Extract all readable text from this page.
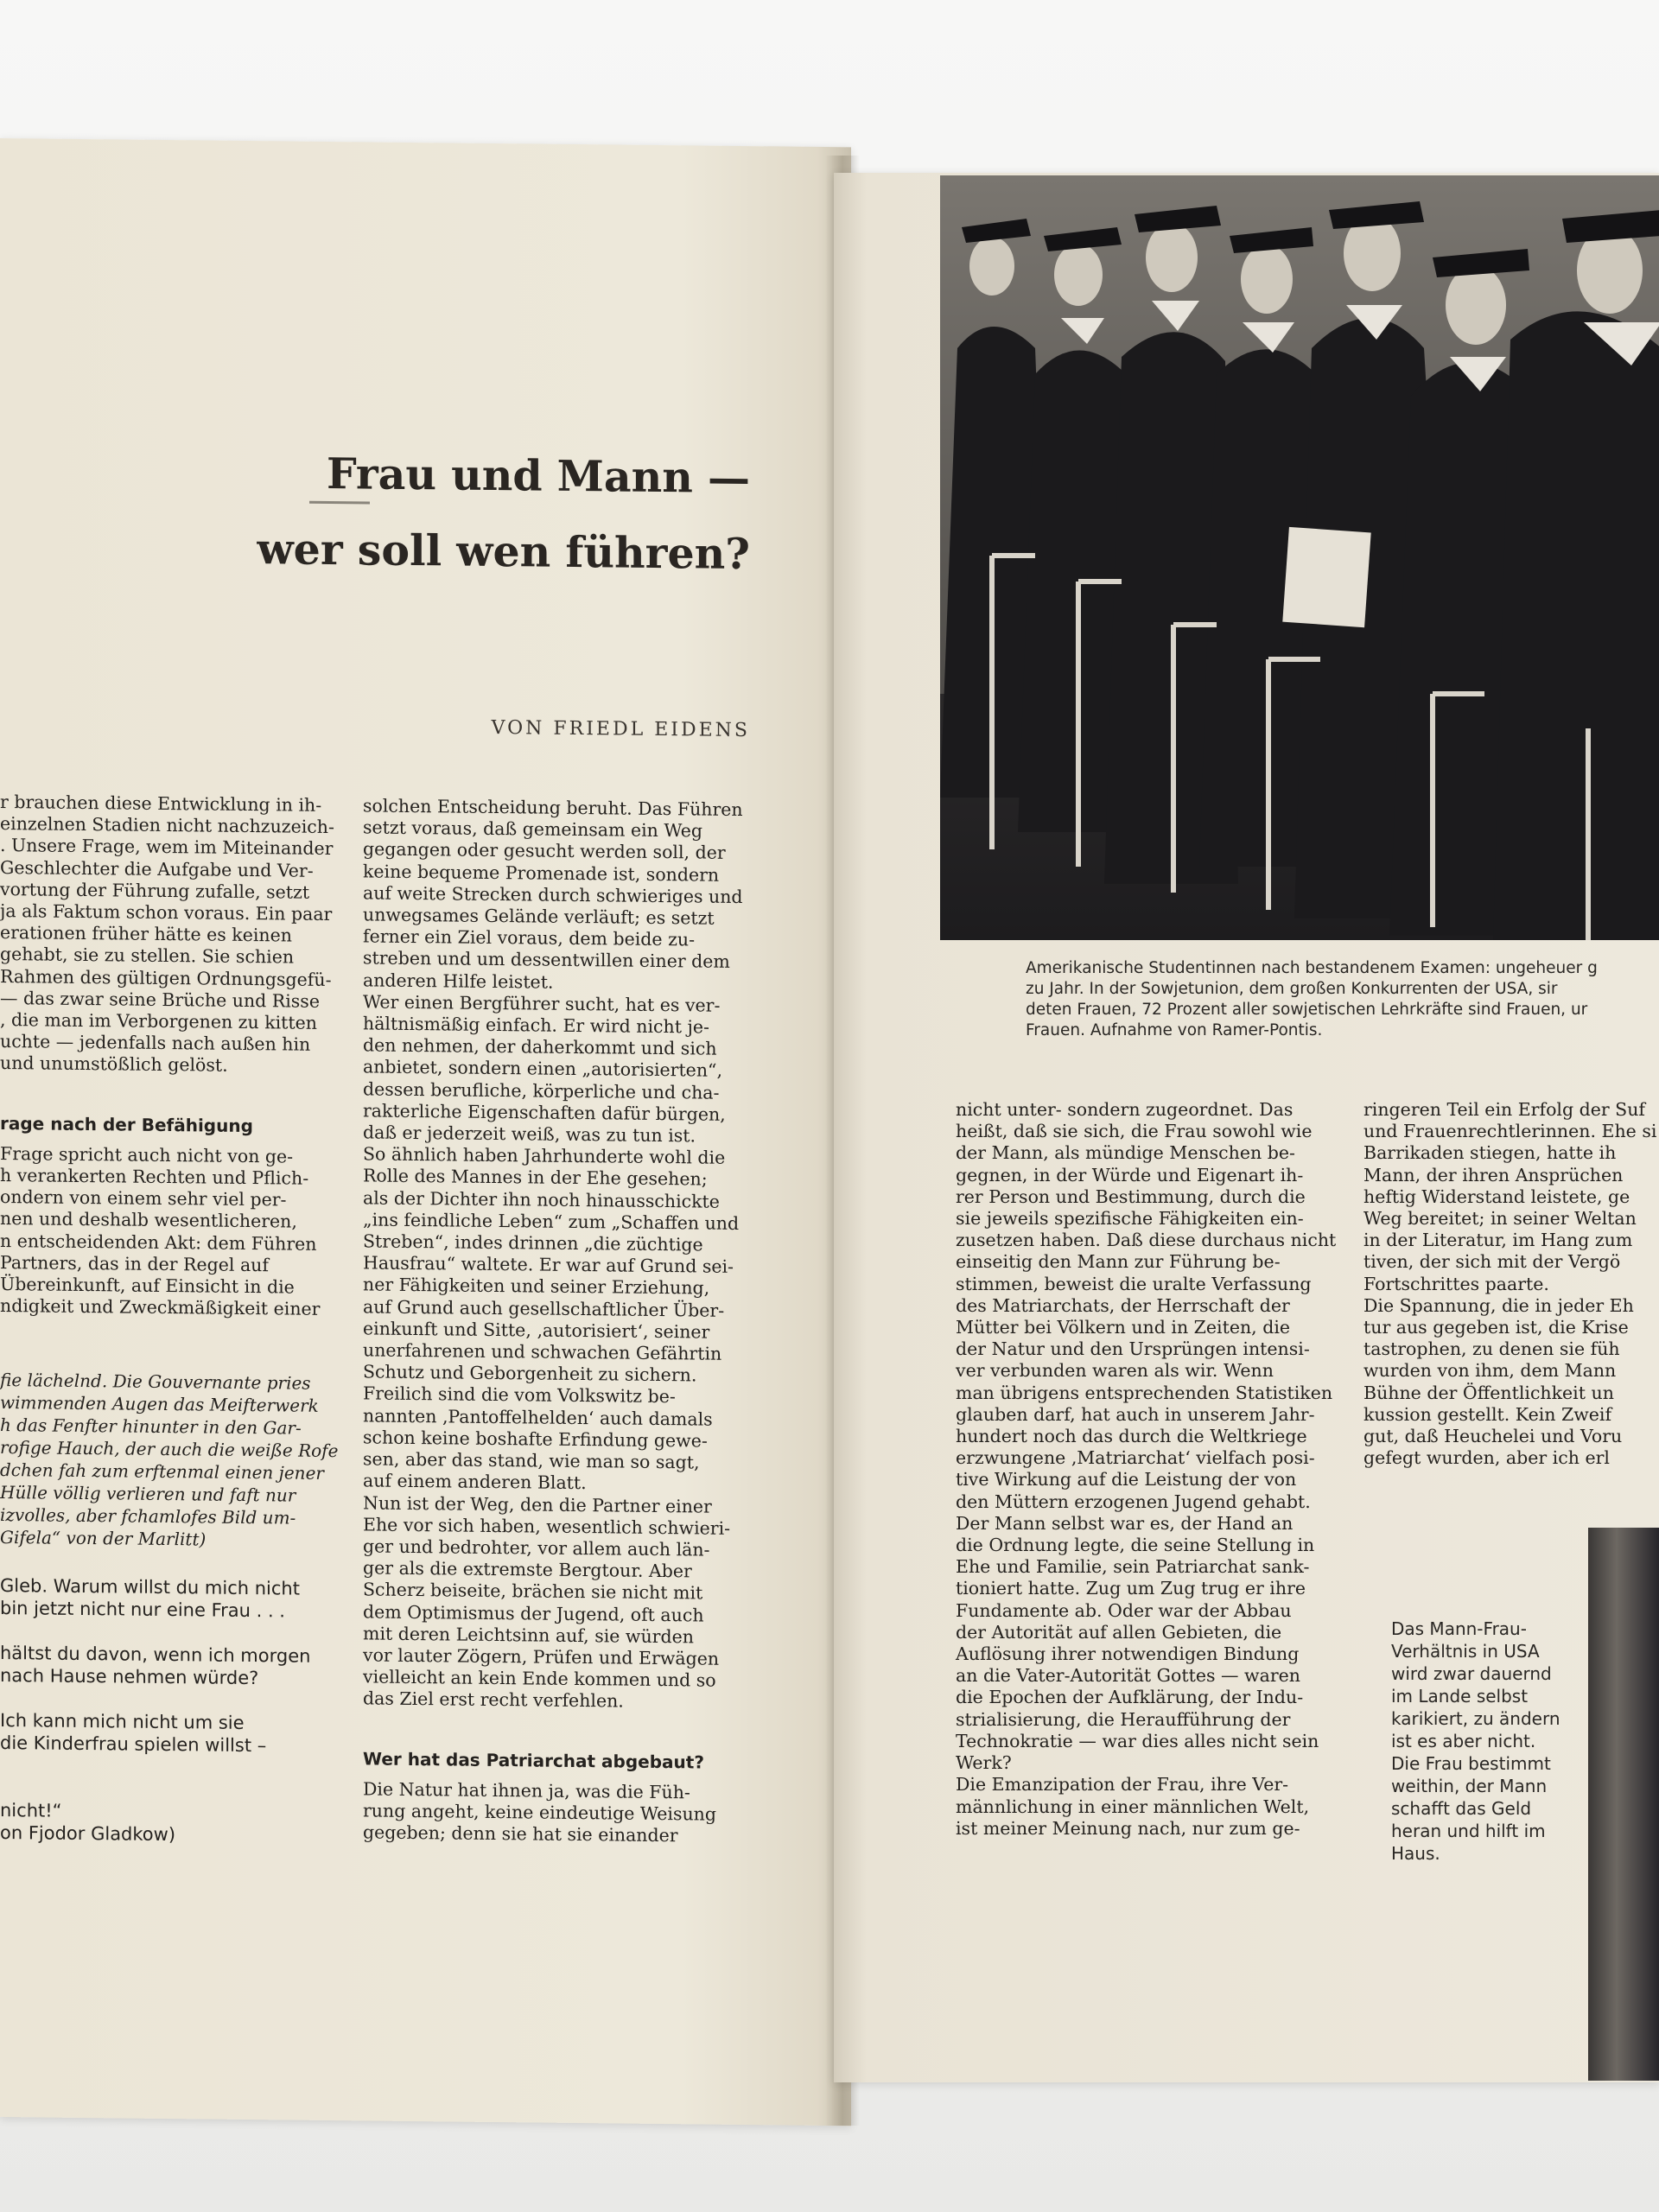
Frau und Mann —
wer soll wen führen?
VON FRIEDL EIDENS
r brauchen diese Entwicklung in ih-
einzelnen Stadien nicht nachzuzeich-
. Unsere Frage, wem im Miteinander
Geschlechter die Aufgabe und Ver-
vortung der Führung zufalle, setzt
ja als Faktum schon voraus. Ein paar
erationen früher hätte es keinen
gehabt, sie zu stellen. Sie schien
Rahmen des gültigen Ordnungsgefü-
— das zwar seine Brüche und Risse
, die man im Verborgenen zu kitten
uchte — jedenfalls nach außen hin
und unumstößlich gelöst.
rage nach der Befähigung
Frage spricht auch nicht von ge-
h verankerten Rechten und Pflich-
ondern von einem sehr viel per-
nen und deshalb wesentlicheren,
n entscheidenden Akt: dem Führen
Partners, das in der Regel auf
Übereinkunft, auf Einsicht in die
ndigkeit und Zweckmäßigkeit einer
fie lächelnd. Die Gouvernante pries
wimmenden Augen das Meifterwerk
h das Fenfter hinunter in den Gar-
rofige Hauch, der auch die weiße Rofe
dchen fah zum erftenmal einen jener
Hülle völlig verlieren und faft nur
izvolles, aber fchamlofes Bild um-
Gifela“ von der Marlitt)
Gleb. Warum willst du mich nicht
bin jetzt nicht nur eine Frau . . .

hältst du davon, wenn ich morgen
nach Hause nehmen würde?

Ich kann mich nicht um sie
die Kinderfrau spielen willst –

nicht!“
on Fjodor Gladkow)
solchen Entscheidung beruht. Das Führen
setzt voraus, daß gemeinsam ein Weg
gegangen oder gesucht werden soll, der
keine bequeme Promenade ist, sondern
auf weite Strecken durch schwieriges und
unwegsames Gelände verläuft; es setzt
ferner ein Ziel voraus, dem beide zu-
streben und um dessentwillen einer dem
anderen Hilfe leistet.
Wer einen Bergführer sucht, hat es ver-
hältnismäßig einfach. Er wird nicht je-
den nehmen, der daherkommt und sich
anbietet, sondern einen „autorisierten“,
dessen berufliche, körperliche und cha-
rakterliche Eigenschaften dafür bürgen,
daß er jederzeit weiß, was zu tun ist.
So ähnlich haben Jahrhunderte wohl die
Rolle des Mannes in der Ehe gesehen;
als der Dichter ihn noch hinausschickte
„ins feindliche Leben“ zum „Schaffen und
Streben“, indes drinnen „die züchtige
Hausfrau“ waltete. Er war auf Grund sei-
ner Fähigkeiten und seiner Erziehung,
auf Grund auch gesellschaftlicher Über-
einkunft und Sitte, ‚autorisiert‘, seiner
unerfahrenen und schwachen Gefährtin
Schutz und Geborgenheit zu sichern.
Freilich sind die vom Volkswitz be-
nannten ‚Pantoffelhelden‘ auch damals
schon keine boshafte Erfindung gewe-
sen, aber das stand, wie man so sagt,
auf einem anderen Blatt.
Nun ist der Weg, den die Partner einer
Ehe vor sich haben, wesentlich schwieri-
ger und bedrohter, vor allem auch län-
ger als die extremste Bergtour. Aber
Scherz beiseite, brächen sie nicht mit
dem Optimismus der Jugend, oft auch
mit deren Leichtsinn auf, sie würden
vor lauter Zögern, Prüfen und Erwägen
vielleicht an kein Ende kommen und so
das Ziel erst recht verfehlen.
Wer hat das Patriarchat abgebaut?
Die Natur hat ihnen ja, was die Füh-
rung angeht, keine eindeutige Weisung
gegeben; denn sie hat sie einander
Amerikanische Studentinnen nach bestandenem Examen: ungeheuer g
zu Jahr. In der Sowjetunion, dem großen Konkurrenten der USA, sir
deten Frauen, 72 Prozent aller sowjetischen Lehrkräfte sind Frauen, ur
Frauen. Aufnahme von Ramer-Pontis.
nicht unter- sondern zugeordnet. Das
heißt, daß sie sich, die Frau sowohl wie
der Mann, als mündige Menschen be-
gegnen, in der Würde und Eigenart ih-
rer Person und Bestimmung, durch die
sie jeweils spezifische Fähigkeiten ein-
zusetzen haben. Daß diese durchaus nicht
einseitig den Mann zur Führung be-
stimmen, beweist die uralte Verfassung
des Matriarchats, der Herrschaft der
Mütter bei Völkern und in Zeiten, die
der Natur und den Ursprüngen intensi-
ver verbunden waren als wir. Wenn
man übrigens entsprechenden Statistiken
glauben darf, hat auch in unserem Jahr-
hundert noch das durch die Weltkriege
erzwungene ‚Matriarchat‘ vielfach posi-
tive Wirkung auf die Leistung der von
den Müttern erzogenen Jugend gehabt.
Der Mann selbst war es, der Hand an
die Ordnung legte, die seine Stellung in
Ehe und Familie, sein Patriarchat sank-
tioniert hatte. Zug um Zug trug er ihre
Fundamente ab. Oder war der Abbau
der Autorität auf allen Gebieten, die
Auflösung ihrer notwendigen Bindung
an die Vater-Autorität Gottes — waren
die Epochen der Aufklärung, der Indu-
strialisierung, die Heraufführung der
Technokratie — war dies alles nicht sein
Werk?
Die Emanzipation der Frau, ihre Ver-
männlichung in einer männlichen Welt,
ist meiner Meinung nach, nur zum ge-
ringeren Teil ein Erfolg der Suf
und Frauenrechtlerinnen. Ehe si
Barrikaden stiegen, hatte ih
Mann, der ihren Ansprüchen
heftig Widerstand leistete, ge
Weg bereitet; in seiner Weltan
in der Literatur, im Hang zum
tiven, der sich mit der Vergö
Fortschrittes paarte.
Die Spannung, die in jeder Eh
tur aus gegeben ist, die Krise
tastrophen, zu denen sie füh
wurden von ihm, dem Mann
Bühne der Öffentlichkeit un
kussion gestellt. Kein Zweif
gut, daß Heuchelei und Voru
gefegt wurden, aber ich erl
Das Mann-Frau-
Verhältnis in USA
wird zwar dauernd
im Lande selbst
karikiert, zu ändern
ist es aber nicht.
Die Frau bestimmt
weithin, der Mann
schafft das Geld
heran und hilft im
Haus.
